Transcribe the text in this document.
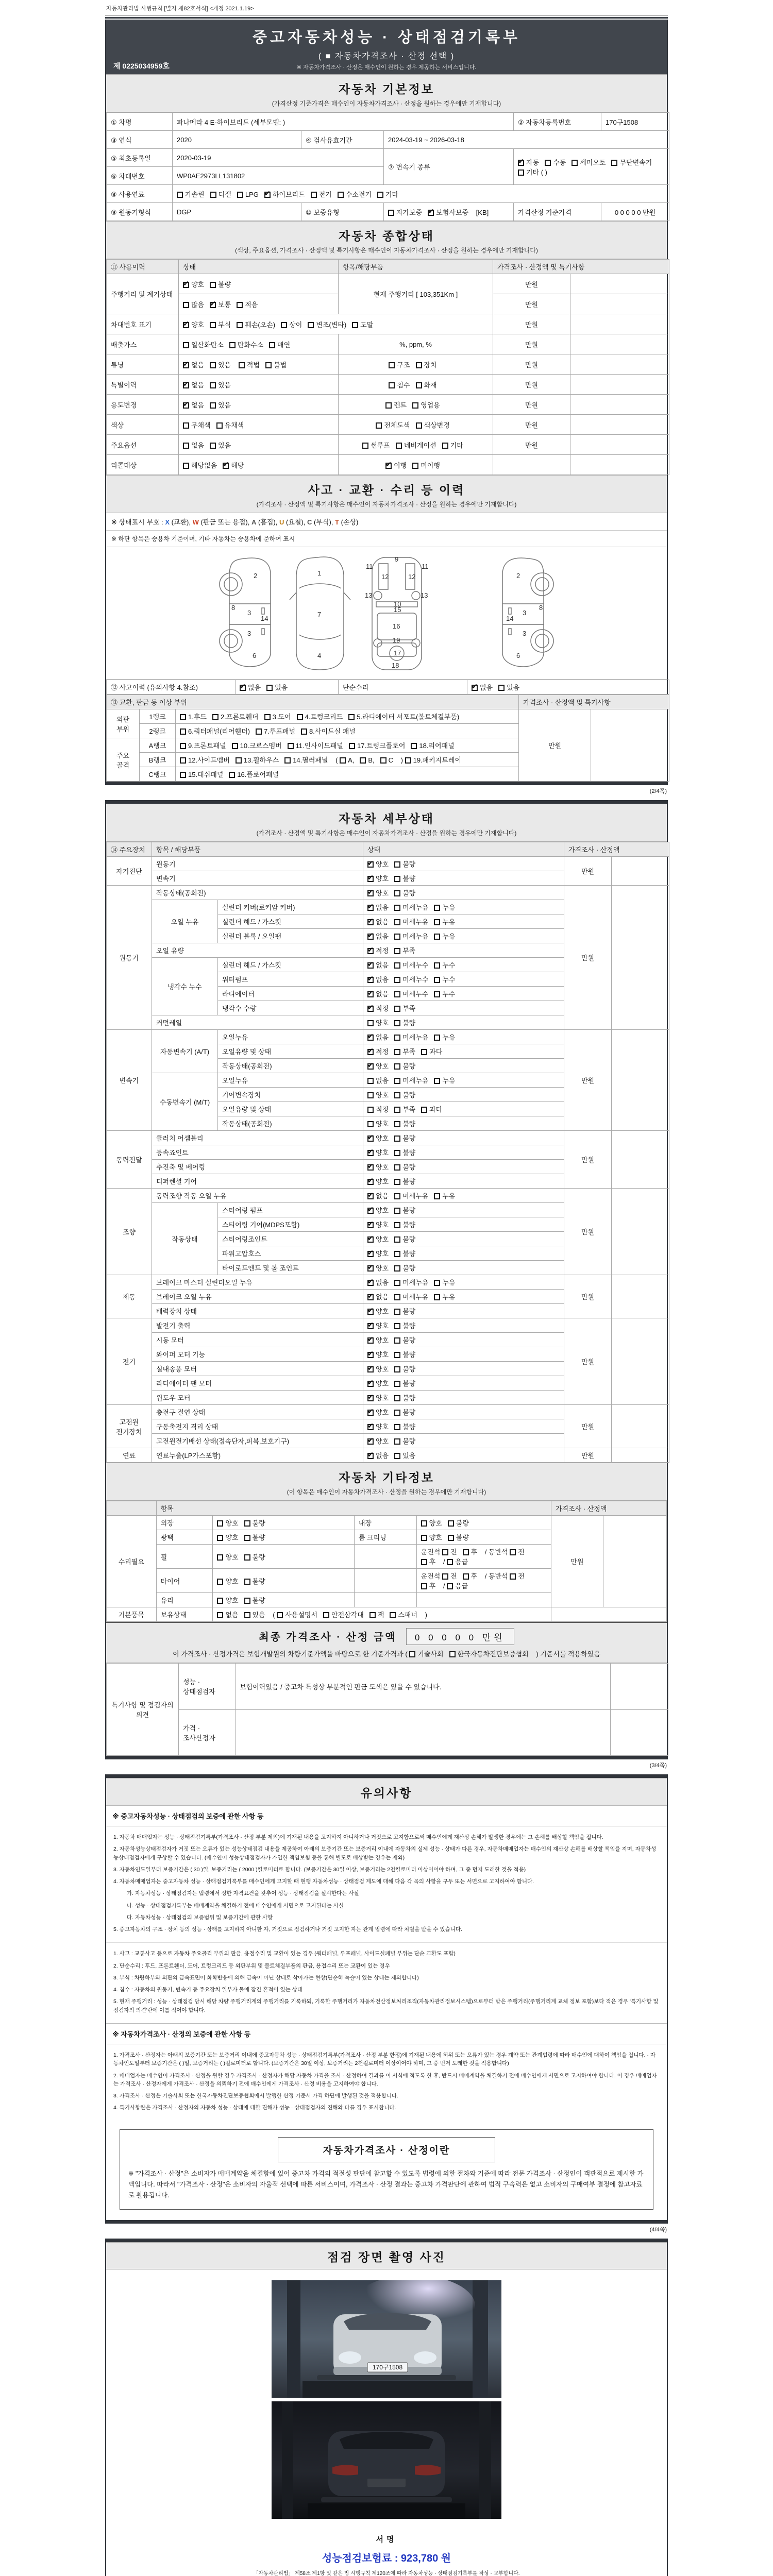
자동차관리법 시행규칙 [별지 제82호서식] <개정 2021.1.19>
중고자동차성능 · 상태점검기록부
( ■ 자동차가격조사 · 산정 선택 )
※ 자동차가격조사 · 산정은 매수인이 원하는 경우 제공하는 서비스입니다.
제 0225034959호
자동차 기본정보
(가격산정 기준가격은 매수인이 자동차가격조사 · 산정을 원하는 경우에만 기재합니다)
① 차명	파나메라 4 E-하이브리드 (세부모델: )			② 자동차등록번호	170구1508
③ 연식	2020	④ 검사유효기간	2024-03-19 ~ 2026-03-18		
⑤ 최초등록일	2020-03-19		⑦ 변속기 종류	✔자동 수동 세미오토 무단변속기기타 ( )
⑥ 차대번호	WP0AE2973LL131802				
⑧ 사용연료	가솔린 디젤 LPG ✔ 하이브리드 전기 수소전기 기타
⑨ 원동기형식	DGP	⑩ 보증유형	자가보증 ✔ 보험사보증 [KB]	가격산정 기준가격	0 0 0 0 0 만원
자동차 종합상태
(색상, 주요옵션, 가격조사 · 산정액 및 특기사항은 매수인이 자동차가격조사 · 산정을 원하는 경우에만 기재합니다)
⑪ 사용이력	상태	항목/해당부품	가격조사 · 산정액 및 특기사항	
주행거리 및 계기상태	✔양호 불량	현재 주행거리 [ 103,351Km ]	만원	
	많음 ✔ 보통 적음		만원	
차대번호 표기	✔양호 부식 훼손(오손) 상이 변조(변타) 도말		만원	
배출가스	일산화탄소 탄화수소 매연	%, ppm, %	만원	
튜닝	✔없음 있음 적법 불법	구조 장치	만원	
특별이력	✔없음 있음	침수 화재	만원	
용도변경	✔없음 있음	렌트 영업용	만원	
색상	무채색 유채색	전체도색 색상변경	만원	
주요옵션	없음 있음	썬루프 네비게이션 기타	만원	
리콜대상	해당없음 ✔ 해당	✔이행 미이행		
사고 · 교환 · 수리 등 이력
(가격조사 · 산정액 및 특기사항은 매수인이 자동차가격조사 · 산정을 원하는 경우에만 기재합니다)
※ 상태표시 부호 : X (교환), W (판금 또는 용접), A (흠집), U (요철), C (부식), T (손상)
※ 하단 항목은 승용차 기준이며, 기타 자동차는 승용차에 준하여 표시
2
8
3
14
3
6
1
7
4
9
11	11
12	12
13	13
10
15
16
19
17
18
2
8
3
14
3
6
⑫ 사고이력 (유의사항 4.참조)	✔없음 있음	단순수리	✔없음 있음
⑬ 교환, 판금 등 이상 부위			가격조사 · 산정액 및 특기사항	
외판 부위	1랭크	1.후드 2.프론트휀더 3.도어 4.트렁크리드 5.라디에이터 서포트(볼트체결부품)	만원	
	2랭크	6.쿼터패널(리어휀더) 7.루프패널 8.사이드실 패널		
주요 골격	A랭크	9.프론트패널 10.크로스멤버 11.인사이드패널 17.트렁크플로어 18.리어패널		
	B랭크	12.사이드멤버 13.휠하우스 14.필러패널 ( A, B, C ) 19.패키지트레이		
	C랭크	15.대쉬패널 16.플로어패널		
(2/4쪽)
자동차 세부상태
(가격조사 · 산정액 및 특기사항은 매수인이 자동차가격조사 · 산정을 원하는 경우에만 기재합니다)
⑭ 주요장치	항목 / 해당부품		상태	가격조사 · 산정액	
자기진단	원동기	✔양호 불량	만원	
	변속기	✔양호 불량
원동기	작동상태(공회전)	✔양호 불량	만원	
	오일 누유	실린더 커버(로커암 커버)	✔없음 미세누유 누유
		실린더 헤드 / 가스킷	✔없음 미세누유 누유
		실린더 블록 / 오일팬	✔없음 미세누유 누유
	오일 유량	✔적정 부족
	냉각수 누수	실린더 헤드 / 가스킷	✔없음 미세누수 누수
		워터펌프	✔없음 미세누수 누수
		라디에이터	✔없음 미세누수 누수
		냉각수 수량	✔적정 부족
	커먼레일		양호 불량		
변속기	자동변속기 (A/T)	오일누유	✔없음 미세누유 누유	만원	
		오일유량 및 상태	✔적정 부족 과다
		작동상태(공회전)	✔양호 불량
	수동변속기 (M/T)	오일누유	없음 미세누유 누유		
		기어변속장치	양호 불량		
		오일유량 및 상태	적정 부족 과다		
		작동상태(공회전)	양호 불량		
동력전달	클러치 어셈블리	✔양호 불량	만원	
	등속죠인트	✔양호 불량
	추진축 및 베어링	✔양호 불량
	디퍼렌셜 기어	✔양호 불량
조향	동력조향 작동 오일 누유	✔없음 미세누유 누유	만원	
	작동상태	스티어링 펌프	✔양호 불량
		스티어링 기어(MDPS포함)	✔양호 불량
		스티어링조인트	✔양호 불량
		파워고압호스	✔양호 불량
		타이로드엔드 및 볼 조인트	✔양호 불량
제동	브레이크 마스터 실린더오일 누유	✔없음 미세누유 누유	만원	
	브레이크 오일 누유	✔없음 미세누유 누유
	배력장치 상태	✔양호 불량
전기	발전기 출력	✔양호 불량	만원	
	시동 모터	✔양호 불량
	와이퍼 모터 기능	✔양호 불량
	실내송풍 모터	✔양호 불량
	라디에이터 팬 모터	✔양호 불량
	윈도우 모터	✔양호 불량
고전원 전기장치	충전구 절연 상태	✔양호 불량	만원	
	구동축전지 격리 상태	✔양호 불량
	고전원전기배선 상태(접속단자,피복,보호기구)	✔양호 불량
연료	연료누출(LP가스포함)	✔없음 있음	만원	
자동차 기타정보
(이 항목은 매수인이 자동차가격조사 · 산정을 원하는 경우에만 기재합니다)
	항목				가격조사 · 산정액	
수리필요	외장	양호 불량	내장	양호 불량	만원	
	광택	양호 불량	룸 크리닝	양호 불량		
	휠	양호 불량		운전석 전 후 / 동반석 전후 / 응급		
	타이어	양호 불량		운전석 전 후 / 동반석 전후 / 응급		
	유리	양호 불량				
기본품목	보유상태	없음 있음 ( 사용설명서 안전삼각대 잭 스패너 )				
최종 가격조사 · 산정 금액 0 0 0 0 0 만원
이 가격조사 · 산정가격은 보험개발원의 차량기준가액을 바탕으로 한 기준가격과 ( 기술사회 한국자동차진단보증협회 ) 기준서를 적용하였음
특기사항 및 점검자의 의견	성능 · 상태점검자	보험이력있음 / 중고차 특성상 부분적인 판금 도색은 있을 수 있습니다.	
	가격 · 조사산정자		
(3/4쪽)
유의사항
※ 중고자동차성능 · 상태점검의 보증에 관한 사항 등

1. 자동차 매매업자는 성능 · 상태점검기록부(가격조사 · 산정 부분 제외)에 기재된 내용을 고지하지 아니하거나 거짓으로 고지함으로써 매수인에게 재산상 손해가 발생한 경우에는 그 손해를 배상할 책임을 집니다.

2. 자동차성능상태점검자가 거짓 또는 오류가 있는 성능상태점검 내용을 제공하여 아래의 보증기간 또는 보증거리 이내에 자동차의 실제 성능 · 상태가 다른 경우, 자동차매매업자는 매수인의 재산상 손해를 배상할 책임을 지며, 자동차성능상태점검자에게 구상할 수 있습니다. (매수인이 성능상태점검자가 가입한 책임보험 등을 통해 별도로 배상받는 경우는 제외)

3. 자동차인도일부터 보증기간은 ( 30 )일, 보증거리는 ( 2000 )킬로미터로 합니다. (보증기간은 30일 이상, 보증거리는 2천킬로미터 이상이어야 하며, 그 중 먼저 도래한 것을 적용)

4. 자동차매매업자는 중고자동차 성능 · 상태점검기록부를 매수인에게 고지할 때 현행 자동차성능 · 상태점검 제도에 대해 다음 각 목의 사항을 구두 또는 서면으로 고지하여야 합니다.

가. 자동차성능 · 상태점검자는 법령에서 정한 자격요건을 갖추어 성능 · 상태점검을 실시한다는 사실

나. 성능 · 상태점검기록부는 매매계약을 체결하기 전에 매수인에게 서면으로 고지된다는 사실

다. 자동차성능 · 상태점검의 보증범위 및 보증기간에 관한 사항

5. 중고자동차의 구조 · 장치 등의 성능 · 상태를 고지하지 아니한 자, 거짓으로 점검하거나 거짓 고지한 자는 관계 법령에 따라 처벌을 받을 수 있습니다.

1. 사고 : 교통사고 등으로 자동차 주요골격 부위의 판금, 용접수리 및 교환이 있는 경우 (쿼터패널, 루프패널, 사이드실패널 부위는 단순 교환도 포함)

2. 단순수리 : 후드, 프론트휀더, 도어, 트렁크리드 등 외판부위 및 볼트체결부품의 판금, 용접수리 또는 교환이 있는 경우

3. 부식 : 차량하부와 외판의 금속표면이 화학반응에 의해 금속이 아닌 상태로 삭아가는 현상(단순히 녹슬어 있는 상태는 제외합니다)

4. 침수 : 자동차의 원동기, 변속기 등 주요장치 일부가 물에 잠긴 흔적이 있는 상태

5. 현재 주행거리 : 성능 · 상태점검 당시 해당 차량 주행거리계의 주행거리를 기록하되, 기록한 주행거리가 자동차전산정보처리조직(자동차관리정보시스템)으로부터 받은 주행거리(주행거리계 교체 정보 포함)보다 적은 경우 '특기사항 및 점검자의 의견'란에 이를 적어야 합니다.

※ 자동차가격조사 · 산정의 보증에 관한 사항 등

1. 가격조사 · 산정자는 아래의 보증기간 또는 보증거리 이내에 중고자동차 성능 · 상태점검기록부(가격조사 · 산정 부분 한정)에 기재된 내용에 허위 또는 오류가 있는 경우 계약 또는 관계법령에 따라 매수인에 대하여 책임을 집니다. · 자동차인도일부터 보증기간은 ( )일, 보증거리는 ( )킬로미터로 합니다. (보증기간은 30일 이상, 보증거리는 2천킬로미터 이상이어야 하며, 그 중 먼저 도래한 것을 적용합니다)

2. 매매업자는 매수인이 가격조사 · 산정을 원할 경우 가격조사 · 산정자가 해당 자동차 가격을 조사 · 산정하여 결과를 이 서식에 적도록 한 후, 반드시 매매계약을 체결하기 전에 매수인에게 서면으로 고지하여야 합니다. 이 경우 매매업자는 가격조사 · 산정자에게 가격조사 · 산정을 의뢰하기 전에 매수인에게 가격조사 · 산정 비용을 고지하여야 합니다.

3. 가격조사 · 산정은 기술사회 또는 한국자동차진단보증협회에서 발행한 산정 기준서 가격 하단에 발행된 것을 적용합니다.

4. 특기사항란은 가격조사 · 산정자의 자동차 성능 · 상태에 대한 견해가 성능 · 상태점검자의 견해와 다를 경우 표시합니다.

자동차가격조사 · 산정이란
※ "가격조사 · 산정"은 소비자가 매매계약을 체결함에 있어 중고차 가격의 적절성 판단에 참고할 수 있도록 법령에 의한 절차와 기준에 따라 전문 가격조사 · 산정인이 객관적으로 제시한 가액입니다. 따라서 "가격조사 · 산정"은 소비자의 자율적 선택에 따른 서비스이며, 가격조사 · 산정 결과는 중고차 가격판단에 관하여 법적 구속력은 없고 소비자의 구매여부 결정에 참고자료로 활용됩니다.
(4/4쪽)
점검 장면 촬영 사진
170구1508
서명
성능점검보험료 : 923,780 원
「자동차관리법」 제58조 제1항 및 같은 법 시행규칙 제120조에 따라 자동차성능 · 상태점검기록부를 작성 · 교부합니다.
